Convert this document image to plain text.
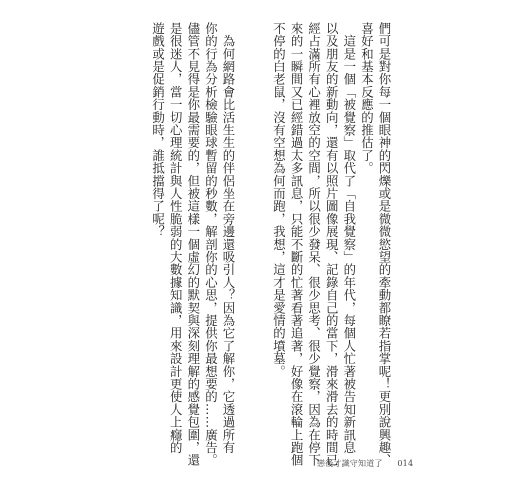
們可是對你每一個眼神的閃爍或是微微慾望的牽動都瞭若指掌呢！更別說興趣、

喜好和基本反應的推估了。

　這是一個「被覺察」取代了「自我覺察」的年代，每個人忙著被告知新訊息

以及朋友的新動向，還有以照片圖像展現、記錄自己的當下，滑來滑去的時間已

經占滿所有心裡放空的空間，所以很少發呆、很少思考、很少覺察，因為在停下

來的一瞬間又已經錯過太多訊息，只能不斷的忙著看著追著，好像在滾輪上跑個

不停的白老鼠，沒有空想為何而跑，我想，這才是愛情的墳墓。

　為何網路會比活生生的伴侶坐在旁邊還吸引人？因為它了解你，它透過所有

你的行為分析檢驗眼球暫留的秒數，解剖你的心思，提供你最想要的……廣告。

儘管不見得是你最需要的，但被這樣一個虛幻的默契與深刻理解的感覺包圍，還

是很迷人，當一切心理統計與人性脆弱的大數據知識，用來設計更使人上癮的

遊戲或是促銷行動時，誰抵擋得了呢？

戀後才識守知道了 014
